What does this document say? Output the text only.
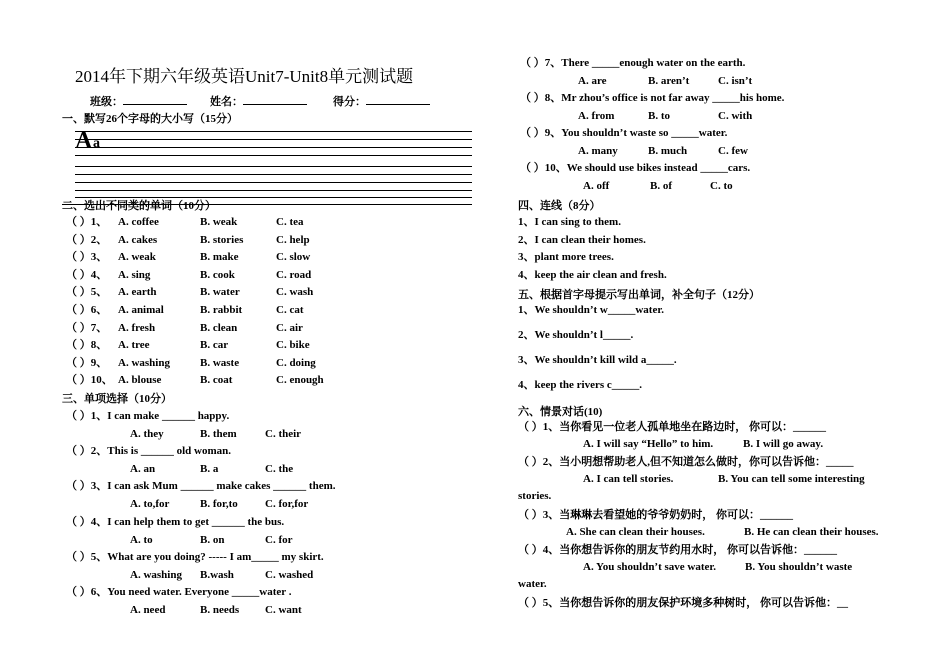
2014年下期六年级英语Unit7-Unit8单元测试题
班级：	姓名：	得分：
一、默写26个字母的大小写（15分）
A a
二、选出不同类的单词（10分）
（ ）1、 A. coffee	B. weak	C. tea
（ ）2、 A. cakes	B. stories	C. help
（ ）3、 A. weak	B. make	C. slow
（ ）4、 A. sing	B. cook	C. road
（ ）5、 A. earth	B. water	C. wash
（ ）6、 A. animal	B. rabbit	C. cat
（ ）7、 A. fresh	B. clean	C. air
（ ）8、 A. tree	B. car	C. bike
（ ）9、 A. washing	B. waste	C. doing
（ ）10、 A. blouse	B. coat	C. enough
三、单项选择（10分）
（ ）1、I can make ______ happy.
A. they	B. them	C. their
（ ）2、This is ______ old woman.
A. an	B. a	C. the
（ ）3、I can ask Mum ______ make cakes ______ them.
A. to,for	B. for,to C. for,for
（ ）4、I can help them to get ______ the bus.
A. to	B. on	C. for
（ ）5、What are you doing? ----- I am_____ my skirt.
A. washing B.wash	C. washed
（ ）6、You need water. Everyone _____water .
A. need	B. needs C. want
（ ）7、There _____enough water on the earth.
A. are	B. aren’t	C. isn’t
（ ）8、Mr zhou’s office is not far away _____his home.
A. from	B. to	C. with
（ ）9、You shouldn’t waste so _____water.
A. many	B. much	C. few
（ ）10、We should use bikes instead _____cars.
A. off	B. of	C. to
四、连线（8分）
1、I can sing to them.
2、I can clean their homes.
3、plant more trees.
4、keep the air clean and fresh.
五、根据首字母提示写出单词，补全句子（12分）
1、We shouldn’t w_____water.
2、We shouldn’t l_____.
3、We shouldn’t kill wild a_____.
4、keep the rivers c_____.
六、情景对话(10)
（ ）1、当你看见一位老人孤单地坐在路边时， 你可以：______
A. I will say “Hello” to him.	B. I will go away.
（ ）2、当小明想帮助老人,但不知道怎么做时，你可以告诉他：_____
A. I can tell stories.	B. You can tell some interesting
stories.
（ ）3、当琳琳去看望她的爷爷奶奶时， 你可以：______
A. She can clean their houses.	B. He can clean their houses.
（ ）4、当你想告诉你的朋友节约用水时， 你可以告诉他：______
A. You shouldn’t save water.	B. You shouldn’t waste
water.
（ ）5、当你想告诉你的朋友保护环境多种树时， 你可以告诉他：__
